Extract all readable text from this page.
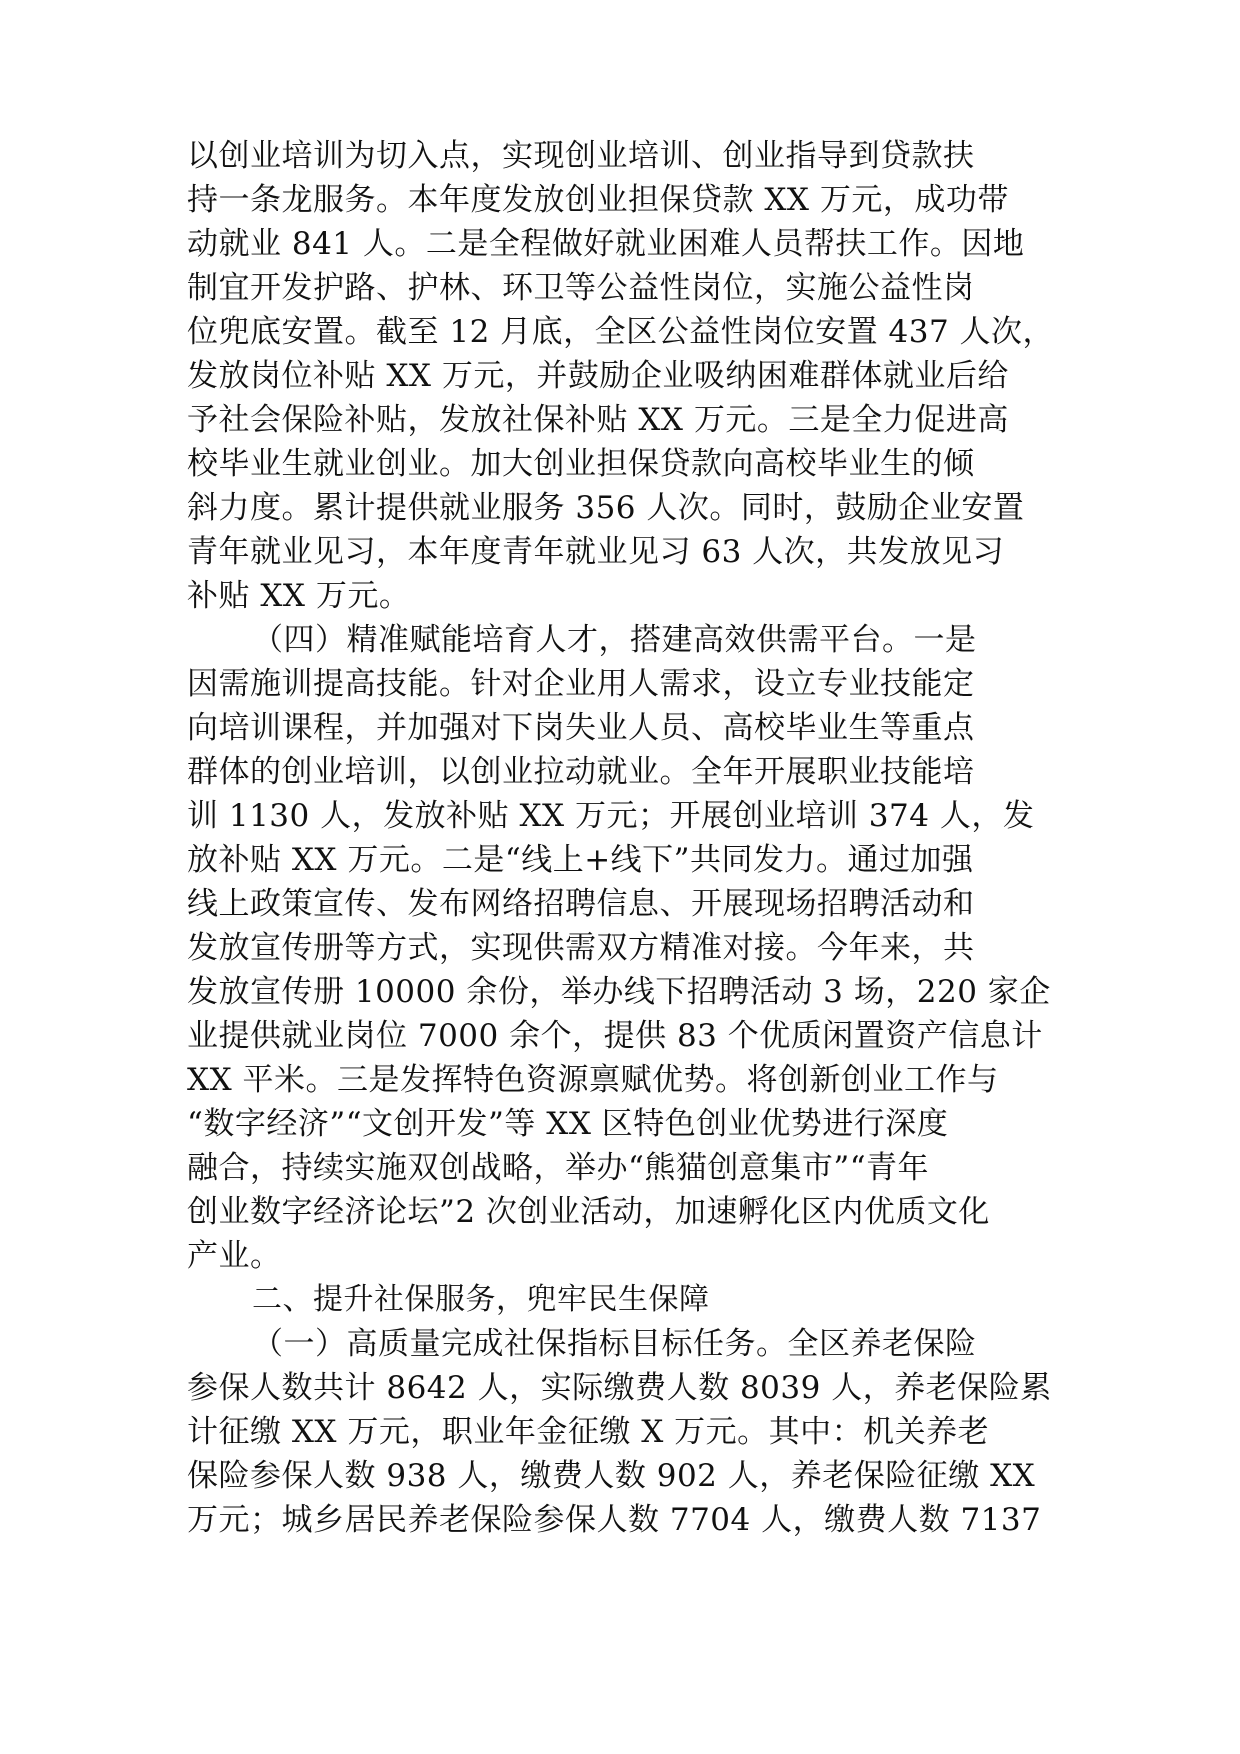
以创业培训为切入点，实现创业培训、创业指导到贷款扶
持一条龙服务。本年度发放创业担保贷款 XX 万元，成功带
动就业 841 人。二是全程做好就业困难人员帮扶工作。因地
制宜开发护路、护林、环卫等公益性岗位，实施公益性岗
位兜底安置。截至 12 月底，全区公益性岗位安置 437 人次，
发放岗位补贴 XX 万元，并鼓励企业吸纳困难群体就业后给
予社会保险补贴，发放社保补贴 XX 万元。三是全力促进高
校毕业生就业创业。加大创业担保贷款向高校毕业生的倾
斜力度。累计提供就业服务 356 人次。同时，鼓励企业安置
青年就业见习，本年度青年就业见习 63 人次，共发放见习
补贴 XX 万元。
（四）精准赋能培育人才，搭建高效供需平台。一是
因需施训提高技能。针对企业用人需求，设立专业技能定
向培训课程，并加强对下岗失业人员、高校毕业生等重点
群体的创业培训，以创业拉动就业。全年开展职业技能培
训 1130 人，发放补贴 XX 万元；开展创业培训 374 人，发
放补贴 XX 万元。二是“线上+线下”共同发力。通过加强
线上政策宣传、发布网络招聘信息、开展现场招聘活动和
发放宣传册等方式，实现供需双方精准对接。今年来，共
发放宣传册 10000 余份，举办线下招聘活动 3 场，220 家企
业提供就业岗位 7000 余个，提供 83 个优质闲置资产信息计
XX 平米。三是发挥特色资源禀赋优势。将创新创业工作与
“数字经济”“文创开发”等 XX 区特色创业优势进行深度
融合，持续实施双创战略，举办“熊猫创意集市”“青年
创业数字经济论坛”2 次创业活动，加速孵化区内优质文化
产业。
二、提升社保服务，兜牢民生保障
（一）高质量完成社保指标目标任务。全区养老保险
参保人数共计 8642 人，实际缴费人数 8039 人，养老保险累
计征缴 XX 万元，职业年金征缴 X 万元。其中：机关养老
保险参保人数 938 人，缴费人数 902 人，养老保险征缴 XX
万元；城乡居民养老保险参保人数 7704 人，缴费人数 7137
